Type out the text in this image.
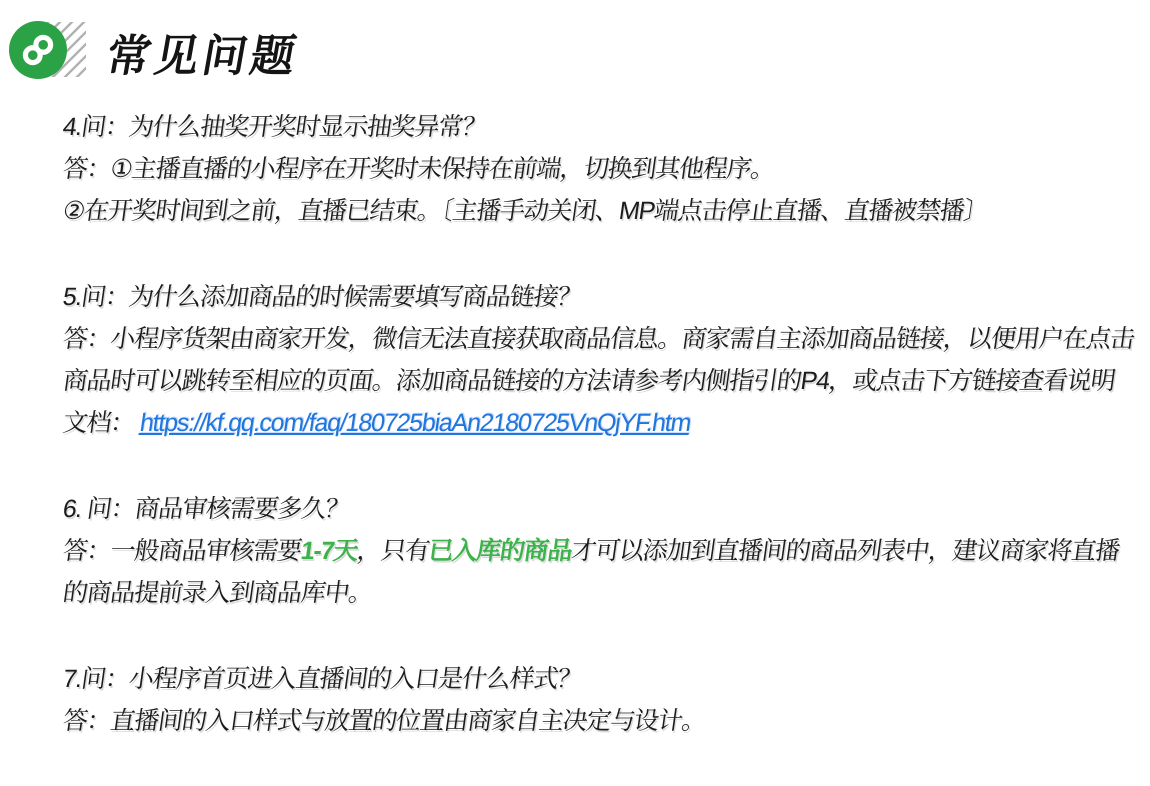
常见问题
4.问：为什么抽奖开奖时显示抽奖异常？
答：①主播直播的小程序在开奖时未保持在前端，切换到其他程序。
②在开奖时间到之前，直播已结束。〔主播手动关闭、MP端点击停止直播、直播被禁播〕
5.问：为什么添加商品的时候需要填写商品链接？
答：小程序货架由商家开发，微信无法直接获取商品信息。商家需自主添加商品链接，以便用户在点击
商品时可以跳转至相应的页面。添加商品链接的方法请参考内侧指引的P4，或点击下方链接查看说明
文档： https://kf.qq.com/faq/180725biaAn2180725VnQjYF.htm
6. 问：商品审核需要多久？
答：一般商品审核需要1-7天，只有已入库的商品才可以添加到直播间的商品列表中，建议商家将直播
的商品提前录入到商品库中。
7.问：小程序首页进入直播间的入口是什么样式？
答：直播间的入口样式与放置的位置由商家自主决定与设计。
